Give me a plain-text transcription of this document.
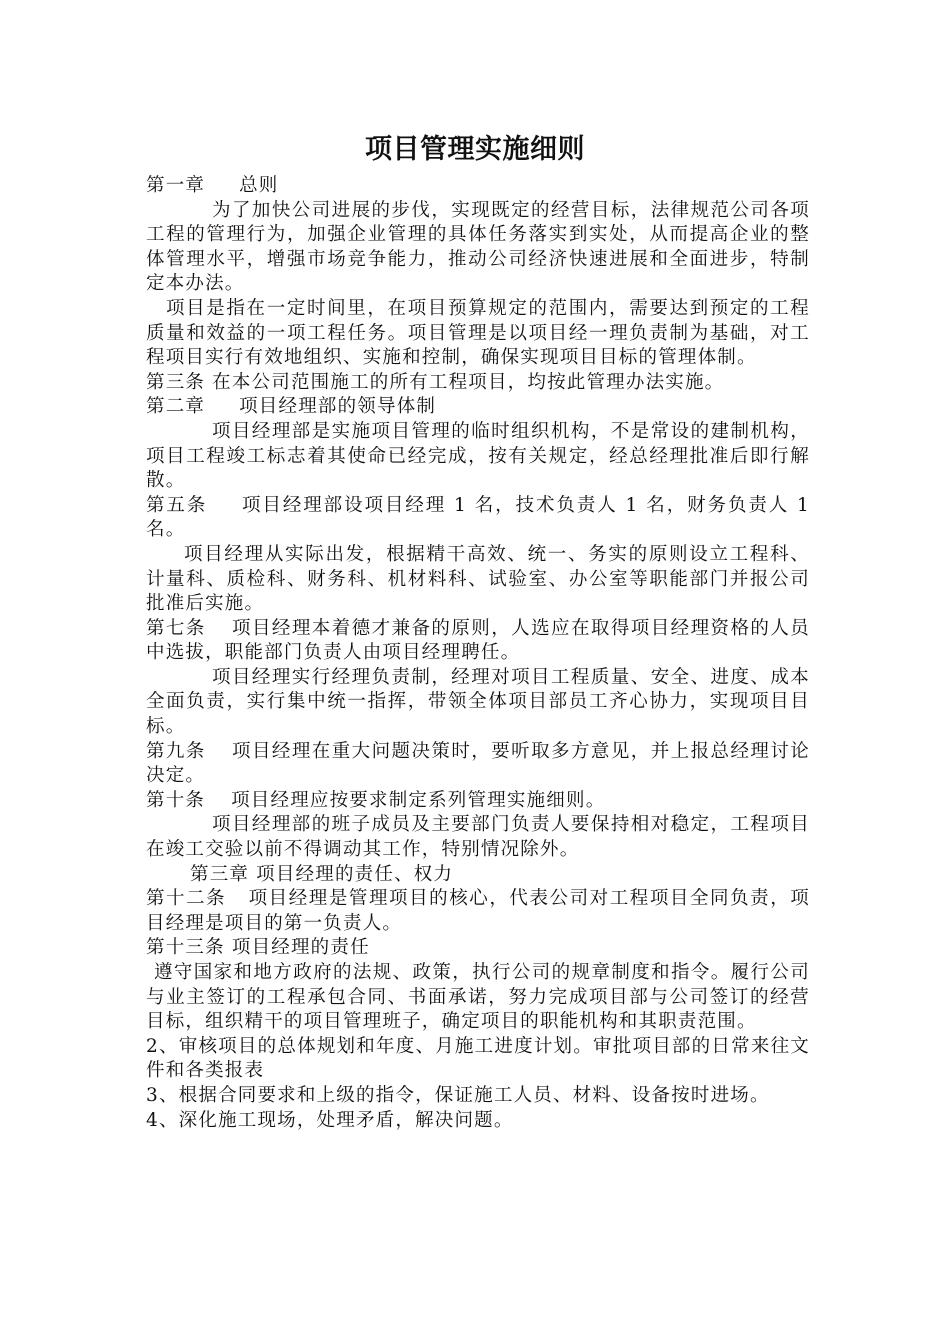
项目管理实施细则

第一章 总则

为了加快公司进展的步伐，实现既定的经营目标，法律规范公司各项工程的管理行为，加强企业管理的具体任务落实到实处，从而提高企业的整体管理水平，增强市场竞争能力，推动公司经济快速进展和全面进步，特制定本办法。

项目是指在一定时间里，在项目预算规定的范围内，需要达到预定的工程质量和效益的一项工程任务。项目管理是以项目经一理负责制为基础，对工程项目实行有效地组织、实施和控制，确保实现项目目标的管理体制。

第三条 在本公司范围施工的所有工程项目，均按此管理办法实施。

第二章 项目经理部的领导体制

项目经理部是实施项目管理的临时组织机构，不是常设的建制机构，项目工程竣工标志着其使命已经完成，按有关规定，经总经理批准后即行解散。

第五条 项目经理部设项目经理 1 名，技术负责人 1 名，财务负责人 1 名。

项目经理从实际出发，根据精干高效、统一、务实的原则设立工程科、计量科、质检科、财务科、机材料科、试验室、办公室等职能部门并报公司批准后实施。

第七条 项目经理本着德才兼备的原则，人选应在取得项目经理资格的人员中选拔，职能部门负责人由项目经理聘任。

项目经理实行经理负责制，经理对项目工程质量、安全、进度、成本全面负责，实行集中统一指挥，带领全体项目部员工齐心协力，实现项目目标。

第九条 项目经理在重大问题决策时，要听取多方意见，并上报总经理讨论决定。

第十条 项目经理应按要求制定系列管理实施细则。

项目经理部的班子成员及主要部门负责人要保持相对稳定，工程项目在竣工交验以前不得调动其工作，特别情况除外。

第三章 项目经理的责任、权力

第十二条 项目经理是管理项目的核心，代表公司对工程项目全同负责，项目经理是项目的第一负责人。

第十三条 项目经理的责任

遵守国家和地方政府的法规、政策，执行公司的规章制度和指令。履行公司与业主签订的工程承包合同、书面承诺，努力完成项目部与公司签订的经营目标，组织精干的项目管理班子，确定项目的职能机构和其职责范围。

2、审核项目的总体规划和年度、月施工进度计划。审批项目部的日常来往文件和各类报表

3、根据合同要求和上级的指令，保证施工人员、材料、设备按时进场。

4、深化施工现场，处理矛盾，解决问题。
